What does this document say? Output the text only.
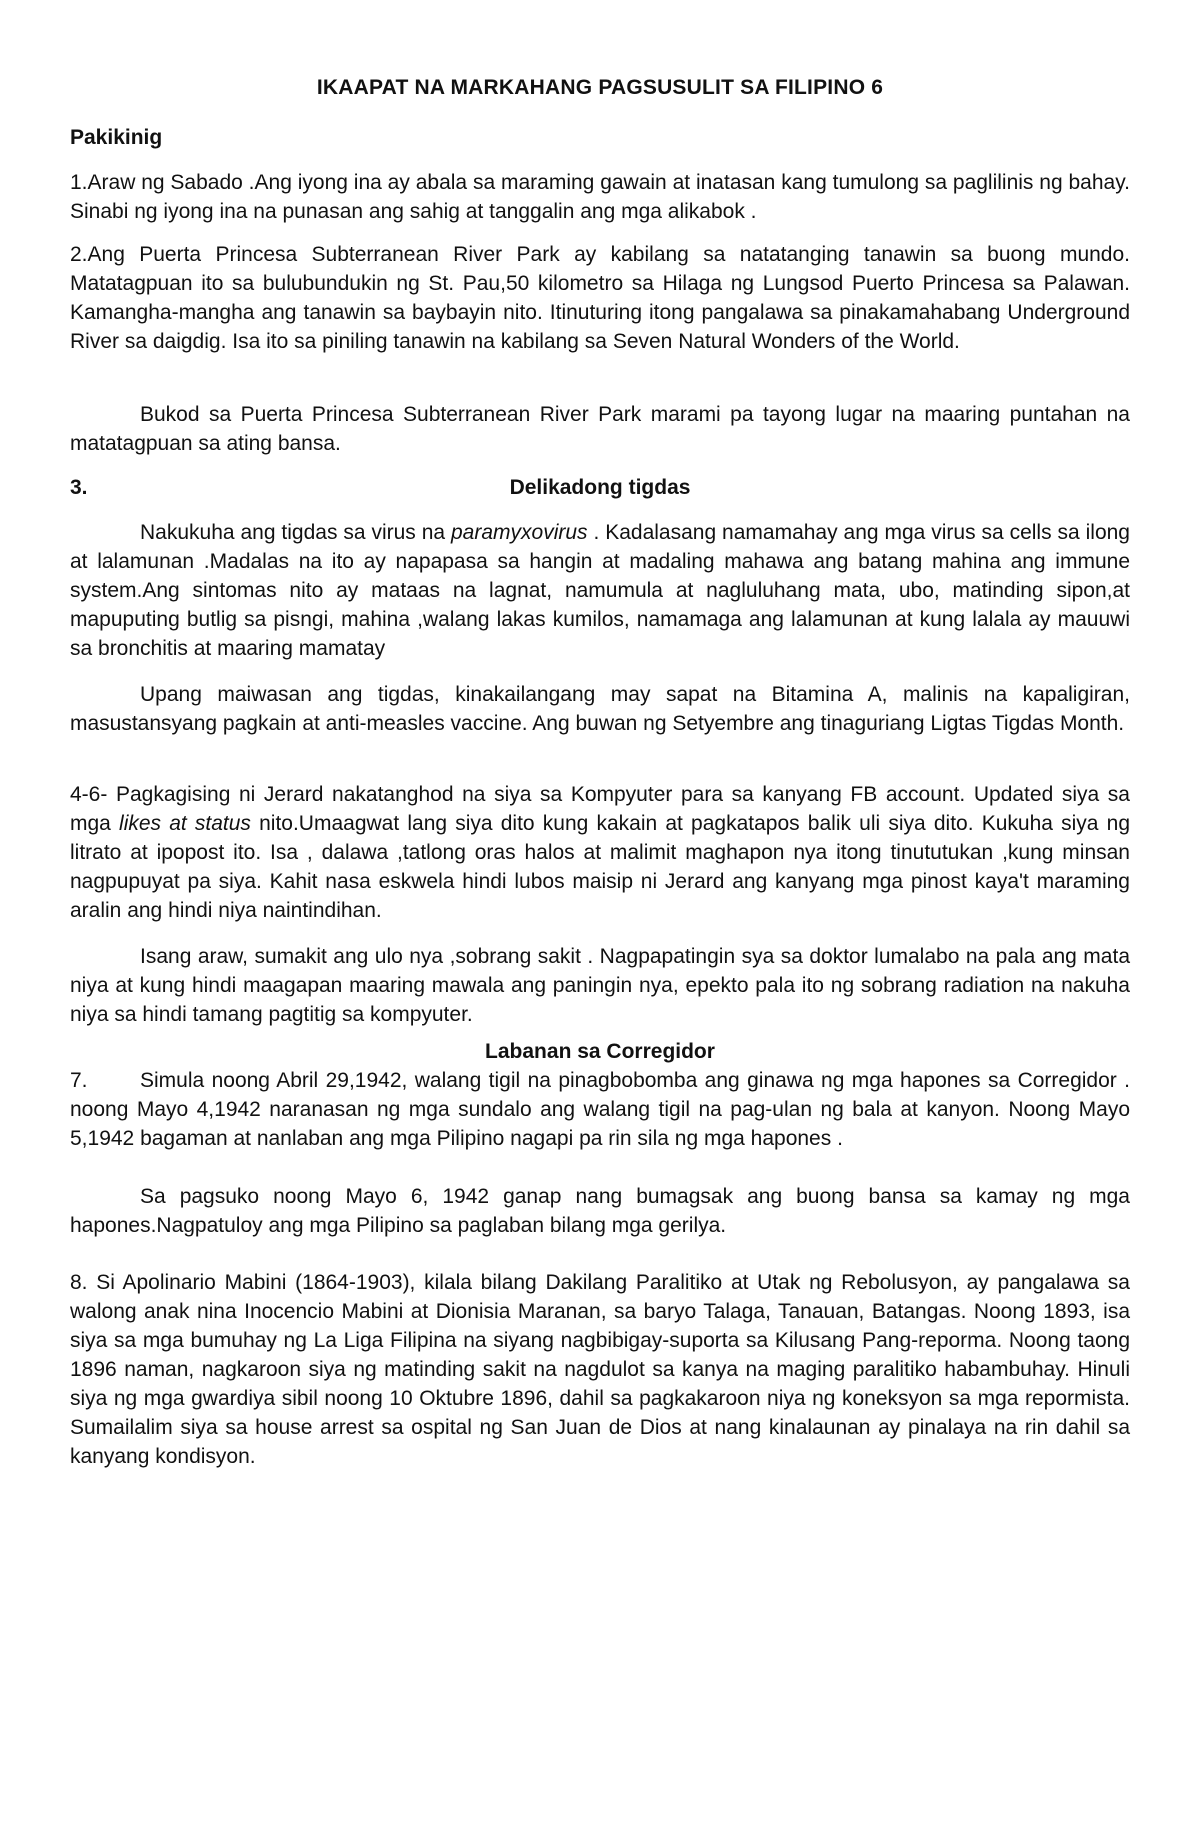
IKAAPAT NA MARKAHANG PAGSUSULIT SA FILIPINO 6
Pakikinig

1.Araw ng Sabado .Ang iyong ina ay abala sa maraming gawain at inatasan kang tumulong sa paglilinis ng bahay. Sinabi ng iyong ina na punasan ang sahig at tanggalin ang mga alikabok .

2.Ang Puerta Princesa Subterranean River Park ay kabilang sa natatanging tanawin sa buong mundo. Matatagpuan ito sa bulubundukin ng St. Pau,50 kilometro sa Hilaga ng Lungsod Puerto Princesa sa Palawan. Kamangha-mangha ang tanawin sa baybayin nito. Itinuturing itong pangalawa sa pinakamahabang Underground River sa daigdig. Isa ito sa piniling tanawin na kabilang sa Seven Natural Wonders of the World.

Bukod sa Puerta Princesa Subterranean River Park marami pa tayong lugar na maaring puntahan na matatagpuan sa ating bansa.

3.	Delikadong tigdas

Nakukuha ang tigdas sa virus na paramyxovirus . Kadalasang namamahay ang mga virus sa cells sa ilong at lalamunan .Madalas na ito ay napapasa sa hangin at madaling mahawa ang batang mahina ang immune system.Ang sintomas nito ay mataas na lagnat, namumula at nagluluhang mata, ubo, matinding sipon,at mapuputing butlig sa pisngi, mahina ,walang lakas kumilos, namamaga ang lalamunan at kung lalala ay mauuwi sa bronchitis at maaring mamatay

Upang maiwasan ang tigdas, kinakailangang may sapat na Bitamina A, malinis na kapaligiran, masustansyang pagkain at anti-measles vaccine. Ang buwan ng Setyembre ang tinaguriang Ligtas Tigdas Month.

4-6- Pagkagising ni Jerard nakatanghod na siya sa Kompyuter para sa kanyang FB account. Updated siya sa mga likes at status nito.Umaagwat lang siya dito kung kakain at pagkatapos balik uli siya dito. Kukuha siya ng litrato at ipopost ito. Isa , dalawa ,tatlong oras halos at malimit maghapon nya itong tinututukan ,kung minsan nagpupuyat pa siya. Kahit nasa eskwela hindi lubos maisip ni Jerard ang kanyang mga pinost kaya't maraming aralin ang hindi niya naintindihan.

Isang araw, sumakit ang ulo nya ,sobrang sakit . Nagpapatingin sya sa doktor lumalabo na pala ang mata niya at kung hindi maagapan maaring mawala ang paningin nya, epekto pala ito ng sobrang radiation na nakuha niya sa hindi tamang pagtitig sa kompyuter.

Labanan sa Corregidor

7. Simula noong Abril 29,1942, walang tigil na pinagbobomba ang ginawa ng mga hapones sa Corregidor . noong Mayo 4,1942 naranasan ng mga sundalo ang walang tigil na pag-ulan ng bala at kanyon. Noong Mayo 5,1942 bagaman at nanlaban ang mga Pilipino nagapi pa rin sila ng mga hapones .

Sa pagsuko noong Mayo 6, 1942 ganap nang bumagsak ang buong bansa sa kamay ng mga hapones.Nagpatuloy ang mga Pilipino sa paglaban bilang mga gerilya.

8. Si Apolinario Mabini (1864-1903), kilala bilang Dakilang Paralitiko at Utak ng Rebolusyon, ay pangalawa sa walong anak nina Inocencio Mabini at Dionisia Maranan, sa baryo Talaga, Tanauan, Batangas. Noong 1893, isa siya sa mga bumuhay ng La Liga Filipina na siyang nagbibigay-suporta sa Kilusang Pang-reporma. Noong taong 1896 naman, nagkaroon siya ng matinding sakit na nagdulot sa kanya na maging paralitiko habambuhay. Hinuli siya ng mga gwardiya sibil noong 10 Oktubre 1896, dahil sa pagkakaroon niya ng koneksyon sa mga repormista. Sumailalim siya sa house arrest sa ospital ng San Juan de Dios at nang kinalaunan ay pinalaya na rin dahil sa kanyang kondisyon.
